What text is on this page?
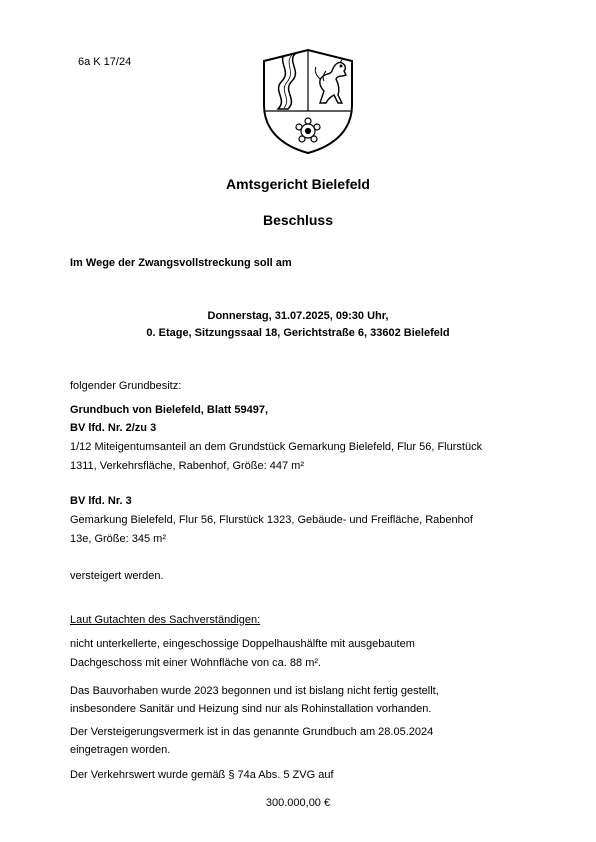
6a K 17/24
Amtsgericht Bielefeld
Beschluss
Im Wege der Zwangsvollstreckung soll am
Donnerstag, 31.07.2025, 09:30 Uhr,
0. Etage, Sitzungssaal 18, Gerichtstraße 6, 33602 Bielefeld
folgender Grundbesitz:
Grundbuch von Bielefeld, Blatt 59497,
BV lfd. Nr. 2/zu 3
1/12 Miteigentumsanteil an dem Grundstück Gemarkung Bielefeld, Flur 56, Flurstück
1311, Verkehrsfläche, Rabenhof, Größe: 447 m²
BV lfd. Nr. 3
Gemarkung Bielefeld, Flur 56, Flurstück 1323, Gebäude- und Freifläche, Rabenhof
13e, Größe: 345 m²
versteigert werden.
Laut Gutachten des Sachverständigen:
nicht unterkellerte, eingeschossige Doppelhaushälfte mit ausgebautem
Dachgeschoss mit einer Wohnfläche von ca. 88 m².
Das Bauvorhaben wurde 2023 begonnen und ist bislang nicht fertig gestellt,
insbesondere Sanitär und Heizung sind nur als Rohinstallation vorhanden.
Der Versteigerungsvermerk ist in das genannte Grundbuch am 28.05.2024
eingetragen worden.
Der Verkehrswert wurde gemäß § 74a Abs. 5 ZVG auf
300.000,00 €
